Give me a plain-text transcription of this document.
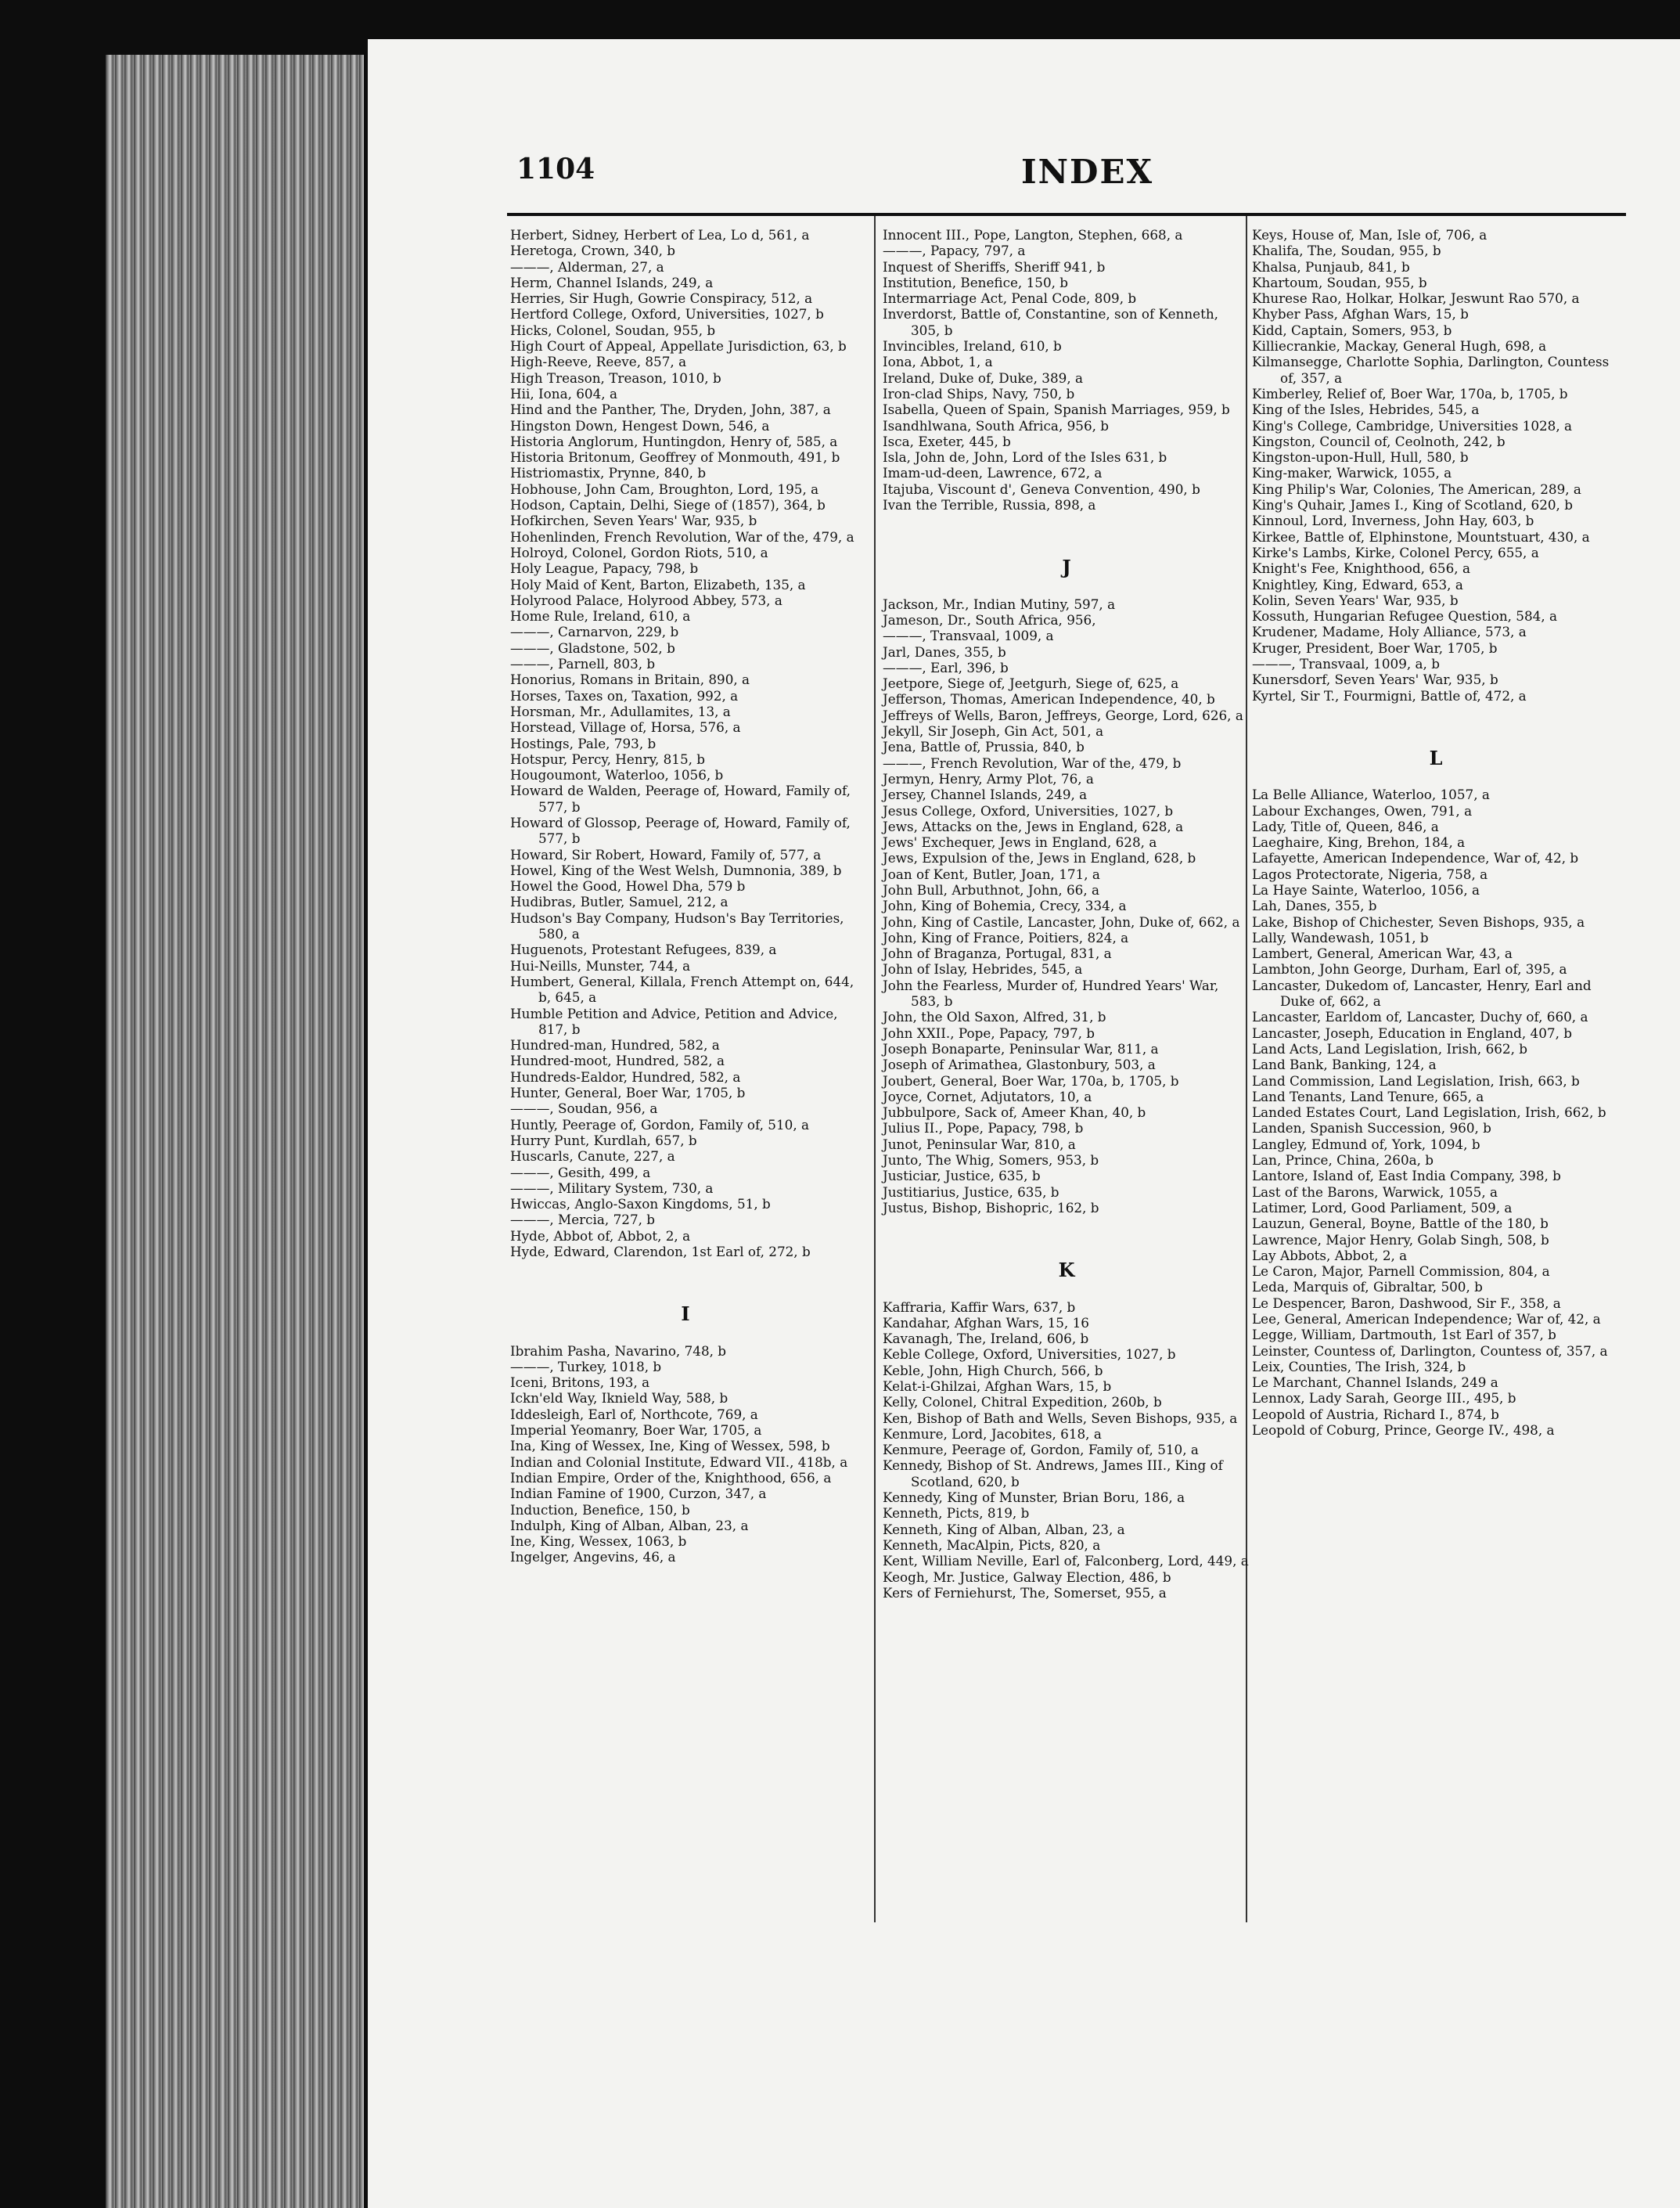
1104	INDEX

Herbert, Sidney, Herbert of Lea, Lo d, 561, a

Heretoga, Crown, 340, b

———, Alderman, 27, a

Herm, Channel Islands, 249, a

Herries, Sir Hugh, Gowrie Conspiracy, 512, a

Hertford College, Oxford, Universities, 1027, b

Hicks, Colonel, Soudan, 955, b

High Court of Appeal, Appellate Jurisdiction, 63, b

High-Reeve, Reeve, 857, a

High Treason, Treason, 1010, b

Hii, Iona, 604, a

Hind and the Panther, The, Dryden, John, 387, a

Hingston Down, Hengest Down, 546, a

Historia Anglorum, Huntingdon, Henry of, 585, a

Historia Britonum, Geoffrey of Monmouth, 491, b

Histriomastix, Prynne, 840, b

Hobhouse, John Cam, Broughton, Lord, 195, a

Hodson, Captain, Delhi, Siege of (1857), 364, b

Hofkirchen, Seven Years' War, 935, b

Hohenlinden, French Revolution, War of the, 479, a

Holroyd, Colonel, Gordon Riots, 510, a

Holy League, Papacy, 798, b

Holy Maid of Kent, Barton, Elizabeth, 135, a

Holyrood Palace, Holyrood Abbey, 573, a

Home Rule, Ireland, 610, a

———, Carnarvon, 229, b

———, Gladstone, 502, b

———, Parnell, 803, b

Honorius, Romans in Britain, 890, a

Horses, Taxes on, Taxation, 992, a

Horsman, Mr., Adullamites, 13, a

Horstead, Village of, Horsa, 576, a

Hostings, Pale, 793, b

Hotspur, Percy, Henry, 815, b

Hougoumont, Waterloo, 1056, b

Howard de Walden, Peerage of, Howard, Family of, 577, b

Howard of Glossop, Peerage of, Howard, Family of, 577, b

Howard, Sir Robert, Howard, Family of, 577, a

Howel, King of the West Welsh, Dumnonia, 389, b

Howel the Good, Howel Dha, 579 b

Hudibras, Butler, Samuel, 212, a

Hudson's Bay Company, Hudson's Bay Territories, 580, a

Huguenots, Protestant Refugees, 839, a

Hui-Neills, Munster, 744, a

Humbert, General, Killala, French Attempt on, 644, b, 645, a

Humble Petition and Advice, Petition and Advice, 817, b

Hundred-man, Hundred, 582, a

Hundred-moot, Hundred, 582, a

Hundreds-Ealdor, Hundred, 582, a

Hunter, General, Boer War, 1705, b

———, Soudan, 956, a

Huntly, Peerage of, Gordon, Family of, 510, a

Hurry Punt, Kurdlah, 657, b

Huscarls, Canute, 227, a

———, Gesith, 499, a

———, Military System, 730, a

Hwiccas, Anglo-Saxon Kingdoms, 51, b

———, Mercia, 727, b

Hyde, Abbot of, Abbot, 2, a

Hyde, Edward, Clarendon, 1st Earl of, 272, b

I

Ibrahim Pasha, Navarino, 748, b

———, Turkey, 1018, b

Iceni, Britons, 193, a

Ickn'eld Way, Iknield Way, 588, b

Iddesleigh, Earl of, Northcote, 769, a

Imperial Yeomanry, Boer War, 1705, a

Ina, King of Wessex, Ine, King of Wessex, 598, b

Indian and Colonial Institute, Edward VII., 418b, a

Indian Empire, Order of the, Knighthood, 656, a

Indian Famine of 1900, Curzon, 347, a

Induction, Benefice, 150, b

Indulph, King of Alban, Alban, 23, a

Ine, King, Wessex, 1063, b

Ingelger, Angevins, 46, a

Innocent III., Pope, Langton, Stephen, 668, a

———, Papacy, 797, a

Inquest of Sheriffs, Sheriff 941, b

Institution, Benefice, 150, b

Intermarriage Act, Penal Code, 809, b

Inverdorst, Battle of, Constantine, son of Kenneth, 305, b

Invincibles, Ireland, 610, b

Iona, Abbot, 1, a

Ireland, Duke of, Duke, 389, a

Iron-clad Ships, Navy, 750, b

Isabella, Queen of Spain, Spanish Marriages, 959, b

Isandhlwana, South Africa, 956, b

Isca, Exeter, 445, b

Isla, John de, John, Lord of the Isles 631, b

Imam-ud-deen, Lawrence, 672, a

Itajuba, Viscount d', Geneva Convention, 490, b

Ivan the Terrible, Russia, 898, a

J

Jackson, Mr., Indian Mutiny, 597, a

Jameson, Dr., South Africa, 956,

———, Transvaal, 1009, a

Jarl, Danes, 355, b

———, Earl, 396, b

Jeetpore, Siege of, Jeetgurh, Siege of, 625, a

Jefferson, Thomas, American Independence, 40, b

Jeffreys of Wells, Baron, Jeffreys, George, Lord, 626, a

Jekyll, Sir Joseph, Gin Act, 501, a

Jena, Battle of, Prussia, 840, b

———, French Revolution, War of the, 479, b

Jermyn, Henry, Army Plot, 76, a

Jersey, Channel Islands, 249, a

Jesus College, Oxford, Universities, 1027, b

Jews, Attacks on the, Jews in England, 628, a

Jews' Exchequer, Jews in England, 628, a

Jews, Expulsion of the, Jews in England, 628, b

Joan of Kent, Butler, Joan, 171, a

John Bull, Arbuthnot, John, 66, a

John, King of Bohemia, Crecy, 334, a

John, King of Castile, Lancaster, John, Duke of, 662, a

John, King of France, Poitiers, 824, a

John of Braganza, Portugal, 831, a

John of Islay, Hebrides, 545, a

John the Fearless, Murder of, Hundred Years' War, 583, b

John, the Old Saxon, Alfred, 31, b

John XXII., Pope, Papacy, 797, b

Joseph Bonaparte, Peninsular War, 811, a

Joseph of Arimathea, Glastonbury, 503, a

Joubert, General, Boer War, 170a, b, 1705, b

Joyce, Cornet, Adjutators, 10, a

Jubbulpore, Sack of, Ameer Khan, 40, b

Julius II., Pope, Papacy, 798, b

Junot, Peninsular War, 810, a

Junto, The Whig, Somers, 953, b

Justiciar, Justice, 635, b

Justitiarius, Justice, 635, b

Justus, Bishop, Bishopric, 162, b

K

Kaffraria, Kaffir Wars, 637, b

Kandahar, Afghan Wars, 15, 16

Kavanagh, The, Ireland, 606, b

Keble College, Oxford, Universities, 1027, b

Keble, John, High Church, 566, b

Kelat-i-Ghilzai, Afghan Wars, 15, b

Kelly, Colonel, Chitral Expedition, 260b, b

Ken, Bishop of Bath and Wells, Seven Bishops, 935, a

Kenmure, Lord, Jacobites, 618, a

Kenmure, Peerage of, Gordon, Family of, 510, a

Kennedy, Bishop of St. Andrews, James III., King of Scotland, 620, b

Kennedy, King of Munster, Brian Boru, 186, a

Kenneth, Picts, 819, b

Kenneth, King of Alban, Alban, 23, a

Kenneth, MacAlpin, Picts, 820, a

Kent, William Neville, Earl of, Falconberg, Lord, 449, a

Keogh, Mr. Justice, Galway Election, 486, b

Kers of Ferniehurst, The, Somerset, 955, a

Keys, House of, Man, Isle of, 706, a

Khalifa, The, Soudan, 955, b

Khalsa, Punjaub, 841, b

Khartoum, Soudan, 955, b

Khurese Rao, Holkar, Holkar, Jeswunt Rao 570, a

Khyber Pass, Afghan Wars, 15, b

Kidd, Captain, Somers, 953, b

Killiecrankie, Mackay, General Hugh, 698, a

Kilmansegge, Charlotte Sophia, Darlington, Countess of, 357, a

Kimberley, Relief of, Boer War, 170a, b, 1705, b

King of the Isles, Hebrides, 545, a

King's College, Cambridge, Universities 1028, a

Kingston, Council of, Ceolnoth, 242, b

Kingston-upon-Hull, Hull, 580, b

King-maker, Warwick, 1055, a

King Philip's War, Colonies, The American, 289, a

King's Quhair, James I., King of Scotland, 620, b

Kinnoul, Lord, Inverness, John Hay, 603, b

Kirkee, Battle of, Elphinstone, Mountstuart, 430, a

Kirke's Lambs, Kirke, Colonel Percy, 655, a

Knight's Fee, Knighthood, 656, a

Knightley, King, Edward, 653, a

Kolin, Seven Years' War, 935, b

Kossuth, Hungarian Refugee Question, 584, a

Krudener, Madame, Holy Alliance, 573, a

Kruger, President, Boer War, 1705, b

———, Transvaal, 1009, a, b

Kunersdorf, Seven Years' War, 935, b

Kyrtel, Sir T., Fourmigni, Battle of, 472, a

L

La Belle Alliance, Waterloo, 1057, a

Labour Exchanges, Owen, 791, a

Lady, Title of, Queen, 846, a

Laeghaire, King, Brehon, 184, a

Lafayette, American Independence, War of, 42, b

Lagos Protectorate, Nigeria, 758, a

La Haye Sainte, Waterloo, 1056, a

Lah, Danes, 355, b

Lake, Bishop of Chichester, Seven Bishops, 935, a

Lally, Wandewash, 1051, b

Lambert, General, American War, 43, a

Lambton, John George, Durham, Earl of, 395, a

Lancaster, Dukedom of, Lancaster, Henry, Earl and Duke of, 662, a

Lancaster, Earldom of, Lancaster, Duchy of, 660, a

Lancaster, Joseph, Education in England, 407, b

Land Acts, Land Legislation, Irish, 662, b

Land Bank, Banking, 124, a

Land Commission, Land Legislation, Irish, 663, b

Land Tenants, Land Tenure, 665, a

Landed Estates Court, Land Legislation, Irish, 662, b

Landen, Spanish Succession, 960, b

Langley, Edmund of, York, 1094, b

Lan, Prince, China, 260a, b

Lantore, Island of, East India Company, 398, b

Last of the Barons, Warwick, 1055, a

Latimer, Lord, Good Parliament, 509, a

Lauzun, General, Boyne, Battle of the 180, b

Lawrence, Major Henry, Golab Singh, 508, b

Lay Abbots, Abbot, 2, a

Le Caron, Major, Parnell Commission, 804, a

Leda, Marquis of, Gibraltar, 500, b

Le Despencer, Baron, Dashwood, Sir F., 358, a

Lee, General, American Independence; War of, 42, a

Legge, William, Dartmouth, 1st Earl of 357, b

Leinster, Countess of, Darlington, Countess of, 357, a

Leix, Counties, The Irish, 324, b

Le Marchant, Channel Islands, 249 a

Lennox, Lady Sarah, George III., 495, b

Leopold of Austria, Richard I., 874, b

Leopold of Coburg, Prince, George IV., 498, a
